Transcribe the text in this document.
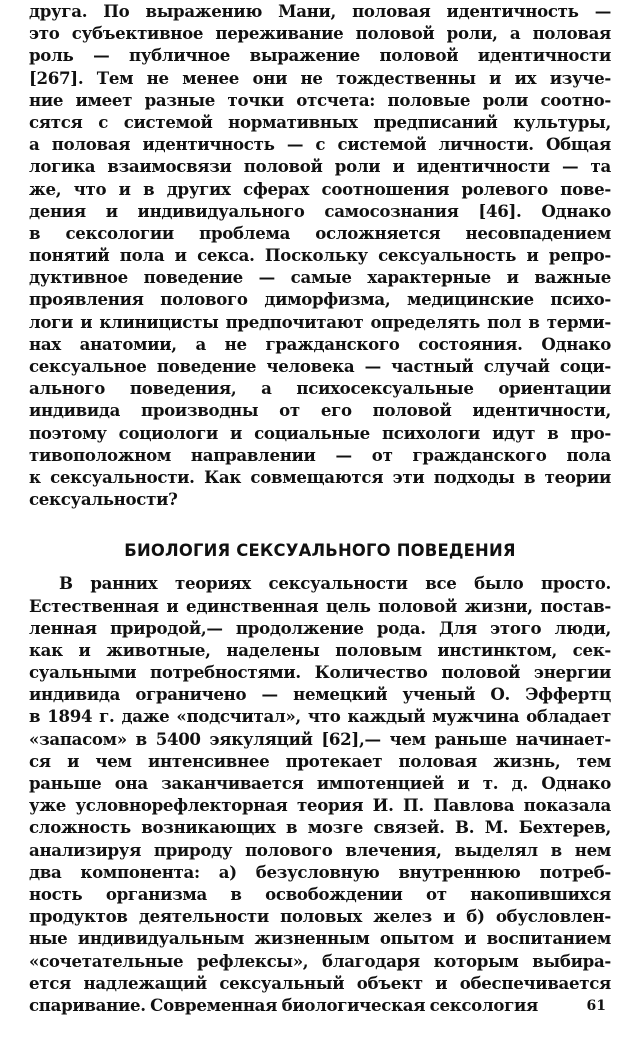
друга. По выражению Мани, половая идентичность —
это субъективное переживание половой роли, а половая
роль — публичное выражение половой идентичности
[267]. Тем не менее они не тождественны и их изуче-
ние имеет разные точки отсчета: половые роли соотно-
сятся с системой нормативных предписаний культуры,
а половая идентичность — с системой личности. Общая
логика взаимосвязи половой роли и идентичности — та
же, что и в других сферах соотношения ролевого пове-
дения и индивидуального самосознания [46]. Однако
в сексологии проблема осложняется несовпадением
понятий пола и секса. Поскольку сексуальность и репро-
дуктивное поведение — самые характерные и важные
проявления полового диморфизма, медицинские психо-
логи и клиницисты предпочитают определять пол в терми-
нах анатомии, а не гражданского состояния. Однако
сексуальное поведение человека — частный случай соци-
ального поведения, а психосексуальные ориентации
индивида производны от его половой идентичности,
поэтому социологи и социальные психологи идут в про-
тивоположном направлении — от гражданского пола
к сексуальности. Как совмещаются эти подходы в теории
сексуальности?
БИОЛОГИЯ СЕКСУАЛЬНОГО ПОВЕДЕНИЯ
В ранних теориях сексуальности все было просто.
Естественная и единственная цель половой жизни, постав-
ленная природой,— продолжение рода. Для этого люди,
как и животные, наделены половым инстинктом, сек-
суальными потребностями. Количество половой энергии
индивида ограничено — немецкий ученый О. Эффертц
в 1894 г. даже «подсчитал», что каждый мужчина обладает
«запасом» в 5400 эякуляций [62],— чем раньше начинает-
ся и чем интенсивнее протекает половая жизнь, тем
раньше она заканчивается импотенцией и т. д. Однако
уже условнорефлекторная теория И. П. Павлова показала
сложность возникающих в мозге связей. В. М. Бехтерев,
анализируя природу полового влечения, выделял в нем
два компонента: а) безусловную внутреннюю потреб-
ность организма в освобождении от накопившихся
продуктов деятельности половых желез и б) обусловлен-
ные индивидуальным жизненным опытом и воспитанием
«сочетательные рефлексы», благодаря которым выбира-
ется надлежащий сексуальный объект и обеспечивается
спаривание. Современная биологическая сексология	61
